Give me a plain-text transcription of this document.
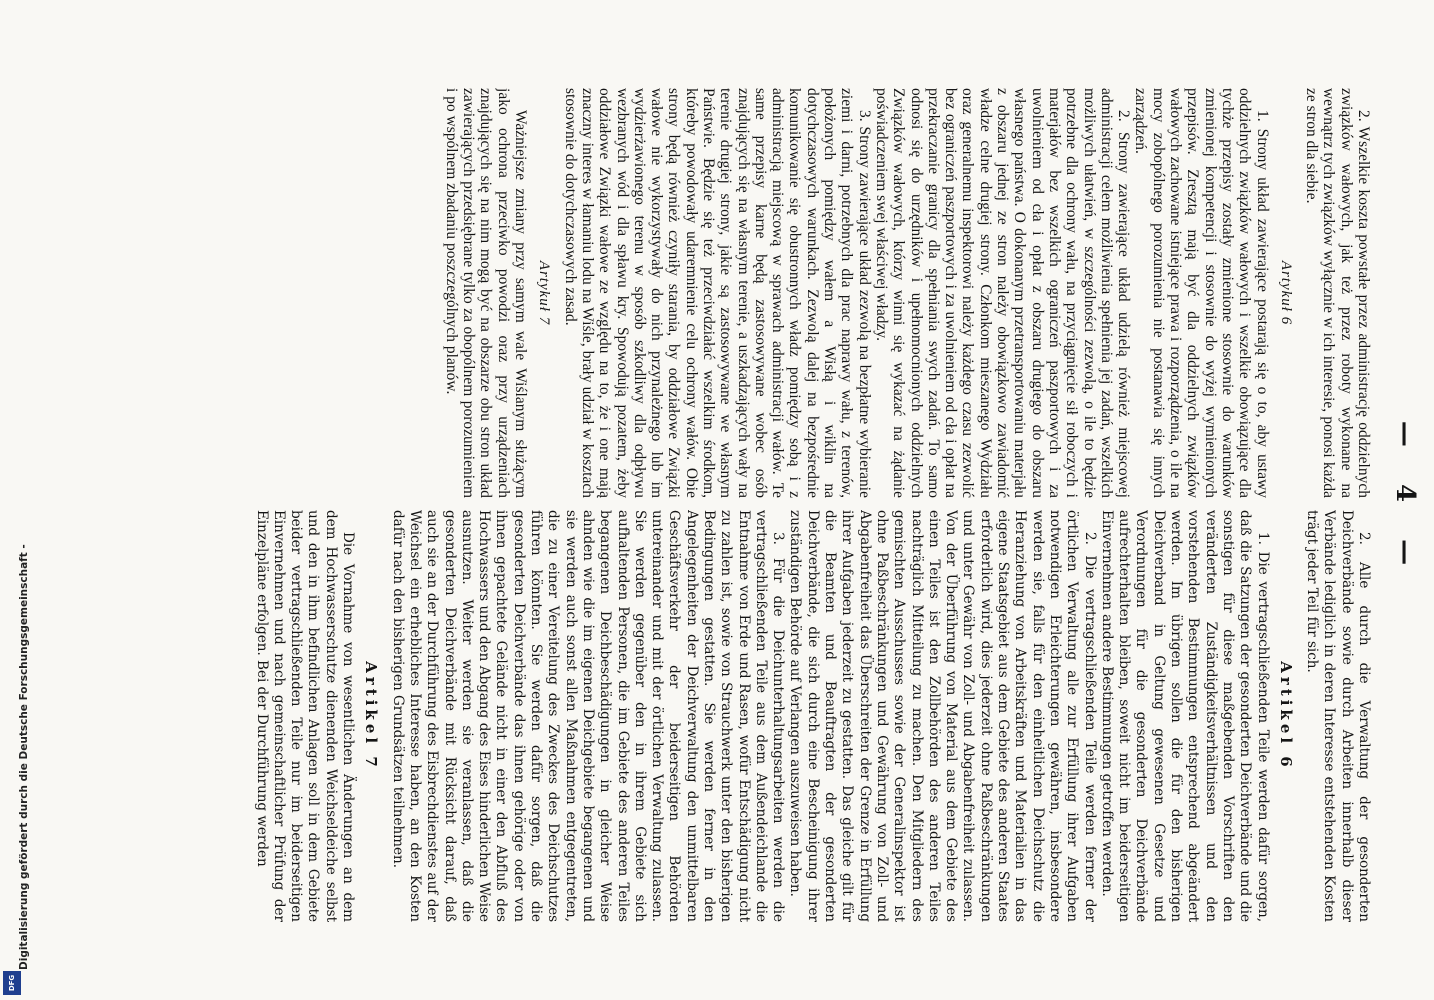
— 4 —

2. Wszelkie koszta powstałe przez administrację oddzielnych związków wałowych, jak też przez roboty wykonane na wewnątrz tych związków wyłącznie w ich interesie, ponosi każda ze stron dla siebie.

Artykuł 6

1. Strony układ zawierające postarają się o to, aby ustawy oddzielnych związków wałowych i wszelkie obowiązujące dla tychże przepisy zostały zmienione stosownie do warunków zmienionej kompetencji i stosownie do wyżej wymienionych przepisów. Zresztą mają być dla oddzielnych związków wałowych zachowane istniejące prawa i rozporządzenia, o ile na mocy zobopólnego porozumienia nie postanawia się innych zarządzeń.

2. Strony zawierające układ udzielą również miejscowej administracji celem możliwienia spełnienia jej zadań, wszelkich możliwych ułatwień, w szczególności zezwolą, o ile to będzie potrzebne dla ochrony wału, na przyciągnięcie sił roboczych i materjałów bez wszelkich ograniczeń paszportowych i za uwolnieniem od cła i opłat z obszaru drugiego do obszaru własnego państwa. O dokonanym przetransportowaniu materjału z obszaru jednej ze stron należy obowiązkowo zawiadomić władze celne drugiej strony. Członkom mieszanego Wydziału oraz generalnemu inspektorowi należy każdego czasu zezwolić bez ograniczeń paszportowych i za uwolnieniem od cła i opłat na przekraczanie granicy dla spełniania swych zadań. To samo odnosi się do urzędników i upełnomocnionych oddzielnych Związków wałowych, którzy winni się wykazać na żądanie poświadczeniem swej właściwej władzy.

3. Strony zawierające układ zezwolą na bezpłatne wybieranie ziemi i darni, potrzebnych dla prac naprawy wału, z terenów, położonych pomiędzy wałem a Wisłą i wiklin na dotychczasowych warunkach. Zezwolą dalej na bezpośrednie komunikowanie się obustronnych władz pomiędzy sobą i z administracją miejscową w sprawach administracji wałów. Te same przepisy karne będą zastosowywane wobec osób znajdujących się na własnym terenie, a uszkadzających wały na terenie drugiej strony, jakie są zastosowywane we własnym Państwie. Będzie się też przeciwdziałać wszelkim środkom, któreby powodowały udaremnienie celu ochrony wałów. Obie strony będą również czyniły starania, by oddziałowe Związki wałowe nie wykorzystywały do nich przynależnego lub im wydzierżawionego terenu w sposób szkodliwy dla odpływu wezbranych wód i dla spławu kry. Spowodują pozatem, żeby oddziałowe Związki wałowe ze względu na to, że i one mają znaczny interes w łamaniu lodu na Wiśle, brały udział w kosztach stosownie do dotychczasowych zasad.

Artykuł 7

Ważniejsze zmiany przy samym wale Wiślanym służącym jako ochrona przeciwko powodzi oraz przy urządzeniach znajdujących się na nim mogą być na obszarze obu stron układ zawierających przedsiębrane tylko za obopólnem porozumieniem i po wspólnem zbadaniu poszczególnych planów.

2. Alle durch die Verwaltung der gesonderten Deichverbände sowie durch Arbeiten innerhalb dieser Verbände lediglich in deren Interesse entstehenden Kosten trägt jeder Teil für sich.

Artikel 6

1. Die vertragschließenden Teile werden dafür sorgen, daß die Satzungen der gesonderten Deichverbände und die sonstigen für diese maßgebenden Vorschriften den veränderten Zuständigkeitsverhältnissen und den vorstehenden Bestimmungen entsprechend abgeändert werden. Im übrigen sollen die für den bisherigen Deichverband in Geltung gewesenen Gesetze und Verordnungen für die gesonderten Deichverbände aufrechterhalten bleiben, soweit nicht im beiderseitigen Einvernehmen andere Bestimmungen getroffen werden.

2. Die vertragschließenden Teile werden ferner der örtlichen Verwaltung alle zur Erfüllung ihrer Aufgaben notwendigen Erleichterungen gewähren, insbesondere werden sie, falls für den einheitlichen Deichschutz die Heranziehung von Arbeitskräften und Materialien in das eigene Staatsgebiet aus dem Gebiete des anderen Staates erforderlich wird, dies jederzeit ohne Paßbeschränkungen und unter Gewähr von Zoll- und Abgabenfreiheit zulassen. Von der Überführung von Material aus dem Gebiete des einen Teiles ist den Zollbehörden des anderen Teiles nachträglich Mitteilung zu machen. Den Mitgliedern des gemischten Ausschusses sowie der Generalinspektor ist ohne Paßbeschränkungen und Gewährung von Zoll- und Abgabenfreiheit das Überschreiten der Grenze in Erfüllung ihrer Aufgaben jederzeit zu gestatten. Das gleiche gilt für die Beamten und Beauftragten der gesonderten Deichverbände, die sich durch eine Bescheinigung ihrer zuständigen Behörde auf Verlangen auszuweisen haben.

3. Für die Deichunterhaltungsarbeiten werden die vertragschließenden Teile aus dem Außendeichlande die Entnahme von Erde und Rasen, wofür Entschädigung nicht zu zahlen ist, sowie von Strauchwerk unter den bisherigen Bedingungen gestatten. Sie werden ferner in den Angelegenheiten der Deichverwaltung den unmittelbaren Geschäftsverkehr der beiderseitigen Behörden untereinander und mit der örtlichen Verwaltung zulassen. Sie werden gegenüber den in ihrem Gebiete sich aufhaltenden Personen, die im Gebiete des anderen Teiles begangenen Deichbeschädigungen in gleicher Weise ahnden wie die im eigenen Deichgebiete begangenen und sie werden auch sonst allen Maßnahmen entgegentreten, die zu einer Vereitelung des Zweckes des Deichschutzes führen könnten. Sie werden dafür sorgen, daß die gesonderten Deichverbände das ihnen gehörige oder von ihnen gepachtete Gelände nicht in einer den Abfluß des Hochwassers und den Abgang des Eises hinderlichen Weise ausnutzen. Weiter werden sie veranlassen, daß die gesonderten Deichverbände mit Rücksicht darauf, daß auch sie an der Durchführung des Eisbrechdienstes auf der Weichsel ein erhebliches Interesse haben, an den Kosten dafür nach den bisherigen Grundsätzen teilnehmen.

Artikel 7

Die Vornahme von wesentlichen Änderungen an dem dem Hochwasserschutze dienenden Weichseldeiche selbst und den in ihm befindlichen Anlagen soll in dem Gebiete beider vertragschließenden Teile nur im beiderseitigen Einvernehmen und nach gemeinschaftlicher Prüfung der Einzelpläne erfolgen. Bei der Durchführung werden

Digitalisierung gefördert durch die Deutsche Forschungsgemeinschaft -
DFG
